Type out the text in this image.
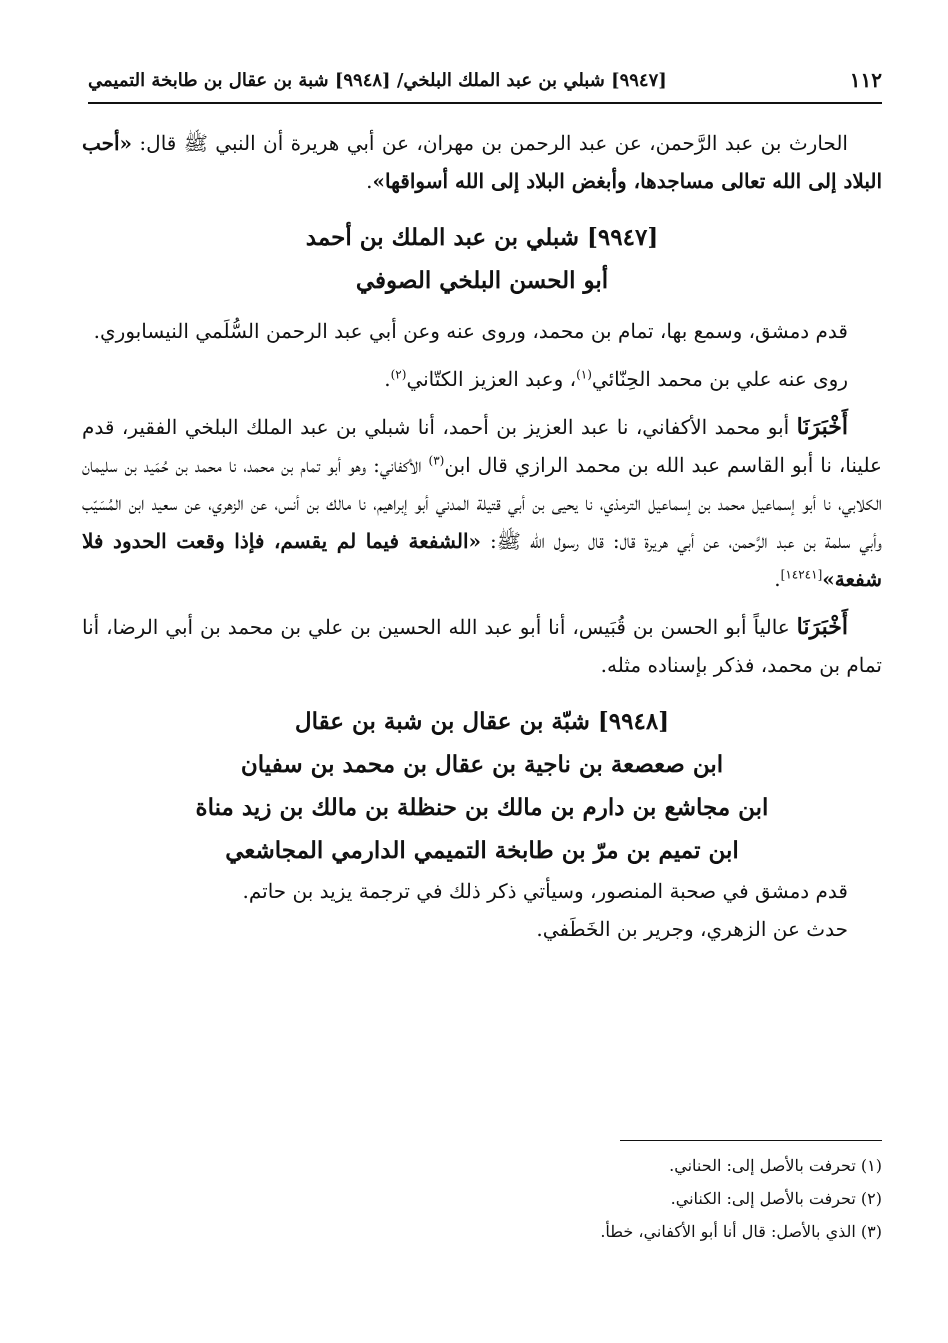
١١٢
[٩٩٤٧] شبلي بن عبد الملك البلخي/ [٩٩٤٨] شبة بن عقال بن طابخة التميمي

الحارث بن عبد الرَّحمن، عن عبد الرحمن بن مهران، عن أبي هريرة أن النبي ﷺ قال: «أحب البلاد إلى الله تعالى مساجدها، وأبغض البلاد إلى الله أسواقها».

[٩٩٤٧] شبلي بن عبد الملك بن أحمد
أبو الحسن البلخي الصوفي

قدم دمشق، وسمع بها، تمام بن محمد، وروى عنه وعن أبي عبد الرحمن السُّلَمي النيسابوري.

روى عنه علي بن محمد الحِنّائي$^{(١)}$، وعبد العزيز الكتّاني$^{(٢)}$.

أَخْبَرَنَا أبو محمد الأكفاني، نا عبد العزيز بن أحمد، أنا شبلي بن عبد الملك البلخي الفقير، قدم علينا، نا أبو القاسم عبد الله بن محمد الرازي قال ابن$^{(٣)}$ الأكفاني: وهو أبو تمام بن محمد، نا محمد بن حُمَيد بن سليمان الكلابي، نا أبو إسماعيل محمد بن إسماعيل الترمذي، نا يحيى بن أبي قتيلة المدني أبو إبراهيم، نا مالك بن أنس، عن الزهري، عن سعيد ابن المُسَيّب وأبي سلمة بن عبد الرَّحمن، عن أبي هريرة قال: قال رسول الله ﷺ: «الشفعة فيما لم يقسم، فإذا وقعت الحدود فلا شفعة»[١٤٢٤١].

أَخْبَرَنَا عالياً أبو الحسن بن قُبَيس، أنا أبو عبد الله الحسين بن علي بن محمد بن أبي الرضا، أنا تمام بن محمد، فذكر بإسناده مثله.

[٩٩٤٨] شبّة بن عقال بن شبة بن عقال
ابن صعصعة بن ناجية بن عقال بن محمد بن سفيان
ابن مجاشع بن دارم بن مالك بن حنظلة بن مالك بن زيد مناة
ابن تميم بن مرّ بن طابخة التميمي الدارمي المجاشعي

قدم دمشق في صحبة المنصور، وسيأتي ذكر ذلك في ترجمة يزيد بن حاتم.

حدث عن الزهري، وجرير بن الخَطَفي.

(١) تحرفت بالأصل إلى: الحناني.
(٢) تحرفت بالأصل إلى: الكناني.
(٣) الذي بالأصل: قال أنا أبو الأكفاني، خطأ.
